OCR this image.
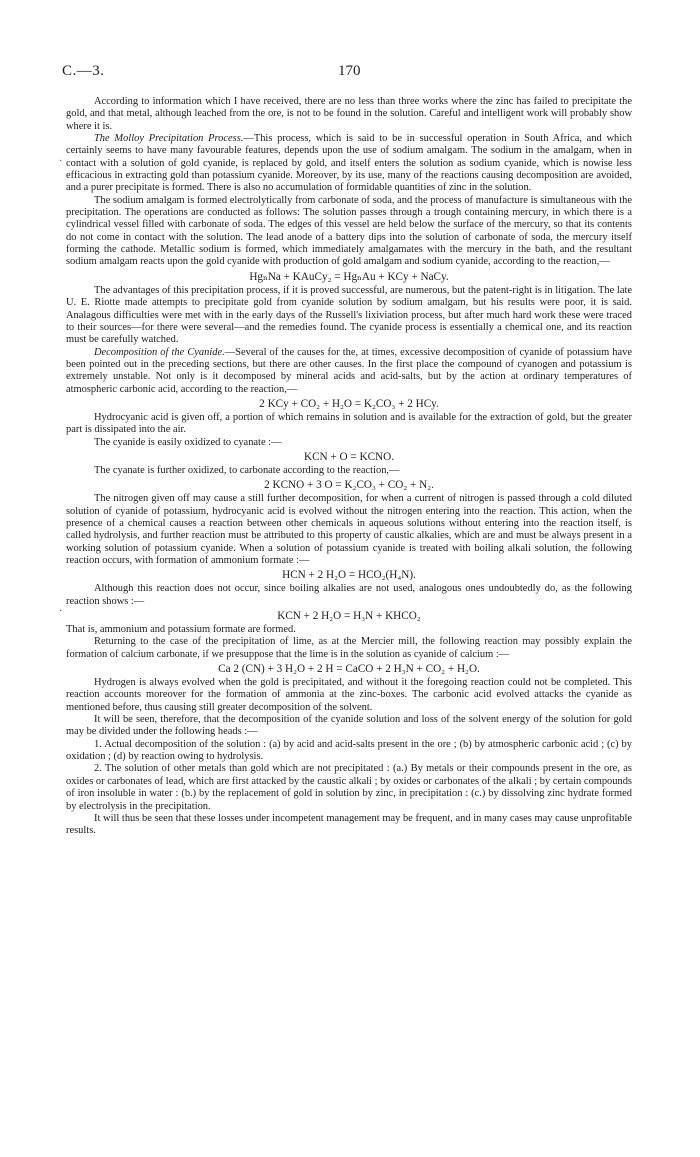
C.—3.	170
·
·

According to information which I have received, there are no less than three works where the zinc has failed to precipitate the gold, and that metal, although leached from the ore, is not to be found in the solution. Careful and intelligent work will probably show where it is.

The Molloy Precipitation Process.—This process, which is said to be in successful operation in South Africa, and which certainly seems to have many favourable features, depends upon the use of sodium amalgam. The sodium in the amalgam, when in contact with a solution of gold cyanide, is replaced by gold, and itself enters the solution as sodium cyanide, which is nowise less efficacious in extracting gold than potassium cyanide. Moreover, by its use, many of the reactions causing decomposition are avoided, and a purer precipitate is formed. There is also no accumulation of formidable quantities of zinc in the solution.

The sodium amalgam is formed electrolytically from carbonate of soda, and the process of manufacture is simultaneous with the precipitation. The operations are conducted as follows: The solution passes through a trough containing mercury, in which there is a cylindrical vessel filled with carbonate of soda. The edges of this vessel are held below the surface of the mercury, so that its contents do not come in contact with the solution. The lead anode of a battery dips into the solution of carbonate of soda, the mercury itself forming the cathode. Metallic sodium is formed, which immediately amalgamates with the mercury in the bath, and the resultant sodium amalgam reacts upon the gold cyanide with production of gold amalgam and sodium cyanide, according to the reaction,—

HgₙNa + KAuCy₂ = HgₙAu + KCy + NaCy.

The advantages of this precipitation process, if it is proved successful, are numerous, but the patent-right is in litigation. The late U. E. Riotte made attempts to precipitate gold from cyanide solution by sodium amalgam, but his results were poor, it is said. Analagous difficulties were met with in the early days of the Russell's lixiviation process, but after much hard work these were traced to their sources—for there were several—and the remedies found. The cyanide process is essentially a chemical one, and its reaction must be carefully watched.

Decomposition of the Cyanide.—Several of the causes for the, at times, excessive decomposition of cyanide of potassium have been pointed out in the preceding sections, but there are other causes. In the first place the compound of cyanogen and potassium is extremely unstable. Not only is it decomposed by mineral acids and acid-salts, but by the action at ordinary temperatures of atmospheric carbonic acid, according to the reaction,—

2 KCy + CO₂ + H₂O = K₂CO₃ + 2 HCy.

Hydrocyanic acid is given off, a portion of which remains in solution and is available for the extraction of gold, but the greater part is dissipated into the air.

The cyanide is easily oxidized to cyanate :—

KCN + O = KCNO.

The cyanate is further oxidized, to carbonate according to the reaction,—

2 KCNO + 3 O = K₂CO₃ + CO₂ + N₂.

The nitrogen given off may cause a still further decomposition, for when a current of nitrogen is passed through a cold diluted solution of cyanide of potassium, hydrocyanic acid is evolved without the nitrogen entering into the reaction. This action, when the presence of a chemical causes a reaction between other chemicals in aqueous solutions without entering into the reaction itself, is called hydrolysis, and further reaction must be attributed to this property of caustic alkalies, which are and must be always present in a working solution of potassium cyanide. When a solution of potassium cyanide is treated with boiling alkali solution, the following reaction occurs, with formation of ammonium formate :—

HCN + 2 H₂O = HCO₂(H₄N).

Although this reaction does not occur, since boiling alkalies are not used, analogous ones undoubtedly do, as the following reaction shows :—

KCN + 2 H₂O = H₃N + KHCO₂

That is, ammonium and potassium formate are formed.

Returning to the case of the precipitation of lime, as at the Mercier mill, the following reaction may possibly explain the formation of calcium carbonate, if we presuppose that the lime is in the solution as cyanide of calcium :—

Ca 2 (CN) + 3 H₂O + 2 H = CaCO + 2 H₃N + CO₂ + H₂O.

Hydrogen is always evolved when the gold is precipitated, and without it the foregoing reaction could not be completed. This reaction accounts moreover for the formation of ammonia at the zinc-boxes. The carbonic acid evolved attacks the cyanide as mentioned before, thus causing still greater decomposition of the solvent.

It will be seen, therefore, that the decomposition of the cyanide solution and loss of the solvent energy of the solution for gold may be divided under the following heads :—

1. Actual decomposition of the solution : (a) by acid and acid-salts present in the ore ; (b) by atmospheric carbonic acid ; (c) by oxidation ; (d) by reaction owing to hydrolysis.

2. The solution of other metals than gold which are not precipitated : (a.) By metals or their compounds present in the ore, as oxides or carbonates of lead, which are first attacked by the caustic alkali ; by oxides or carbonates of the alkali ; by certain compounds of iron insoluble in water : (b.) by the replacement of gold in solution by zinc, in precipitation : (c.) by dissolving zinc hydrate formed by electrolysis in the precipitation.

It will thus be seen that these losses under incompetent management may be frequent, and in many cases may cause unprofitable results.
